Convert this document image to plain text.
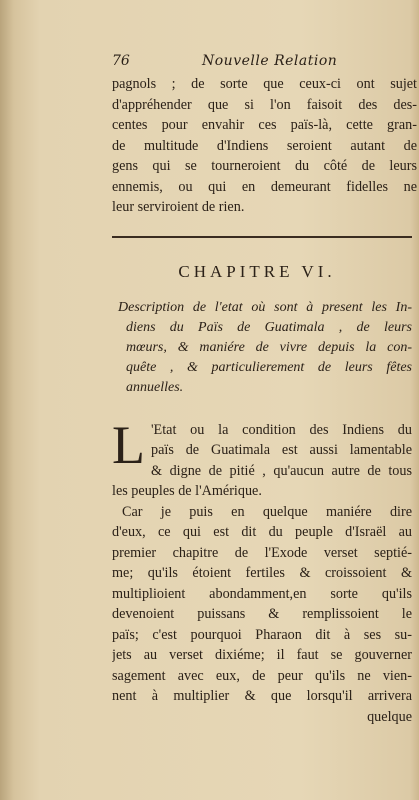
76	Nouvelle Relation
pagnols ; de sorte que ceux-ci ont sujet
d'appréhender que si l'on faisoit des des-
centes pour envahir ces païs-là, cette gran-
de multitude d'Indiens seroient autant de
gens qui se tourneroient du côté de leurs
ennemis, ou qui en demeurant fidelles ne
leur serviroient de rien.
CHAPITRE VI.
Description de l'etat où sont à present les In-
diens du Païs de Guatimala , de leurs
mœurs, & maniére de vivre depuis la con-
quête , & particulierement de leurs fêtes
annuelles.
L 'Etat ou la condition des Indiens du
païs de Guatimala est aussi lamentable
& digne de pitié , qu'aucun autre de tous
les peuples de l'Amérique.
Car je puis en quelque maniére dire
d'eux, ce qui est dit du peuple d'Israël au
premier chapitre de l'Exode verset septié-
me; qu'ils étoient fertiles & croissoient &
multiplioient abondamment,en sorte qu'ils
devenoient puissans & remplissoient le
païs; c'est pourquoi Pharaon dit à ses su-
jets au verset dixiéme; il faut se gouverner
sagement avec eux, de peur qu'ils ne vien-
nent à multiplier & que lorsqu'il arrivera
quelque
